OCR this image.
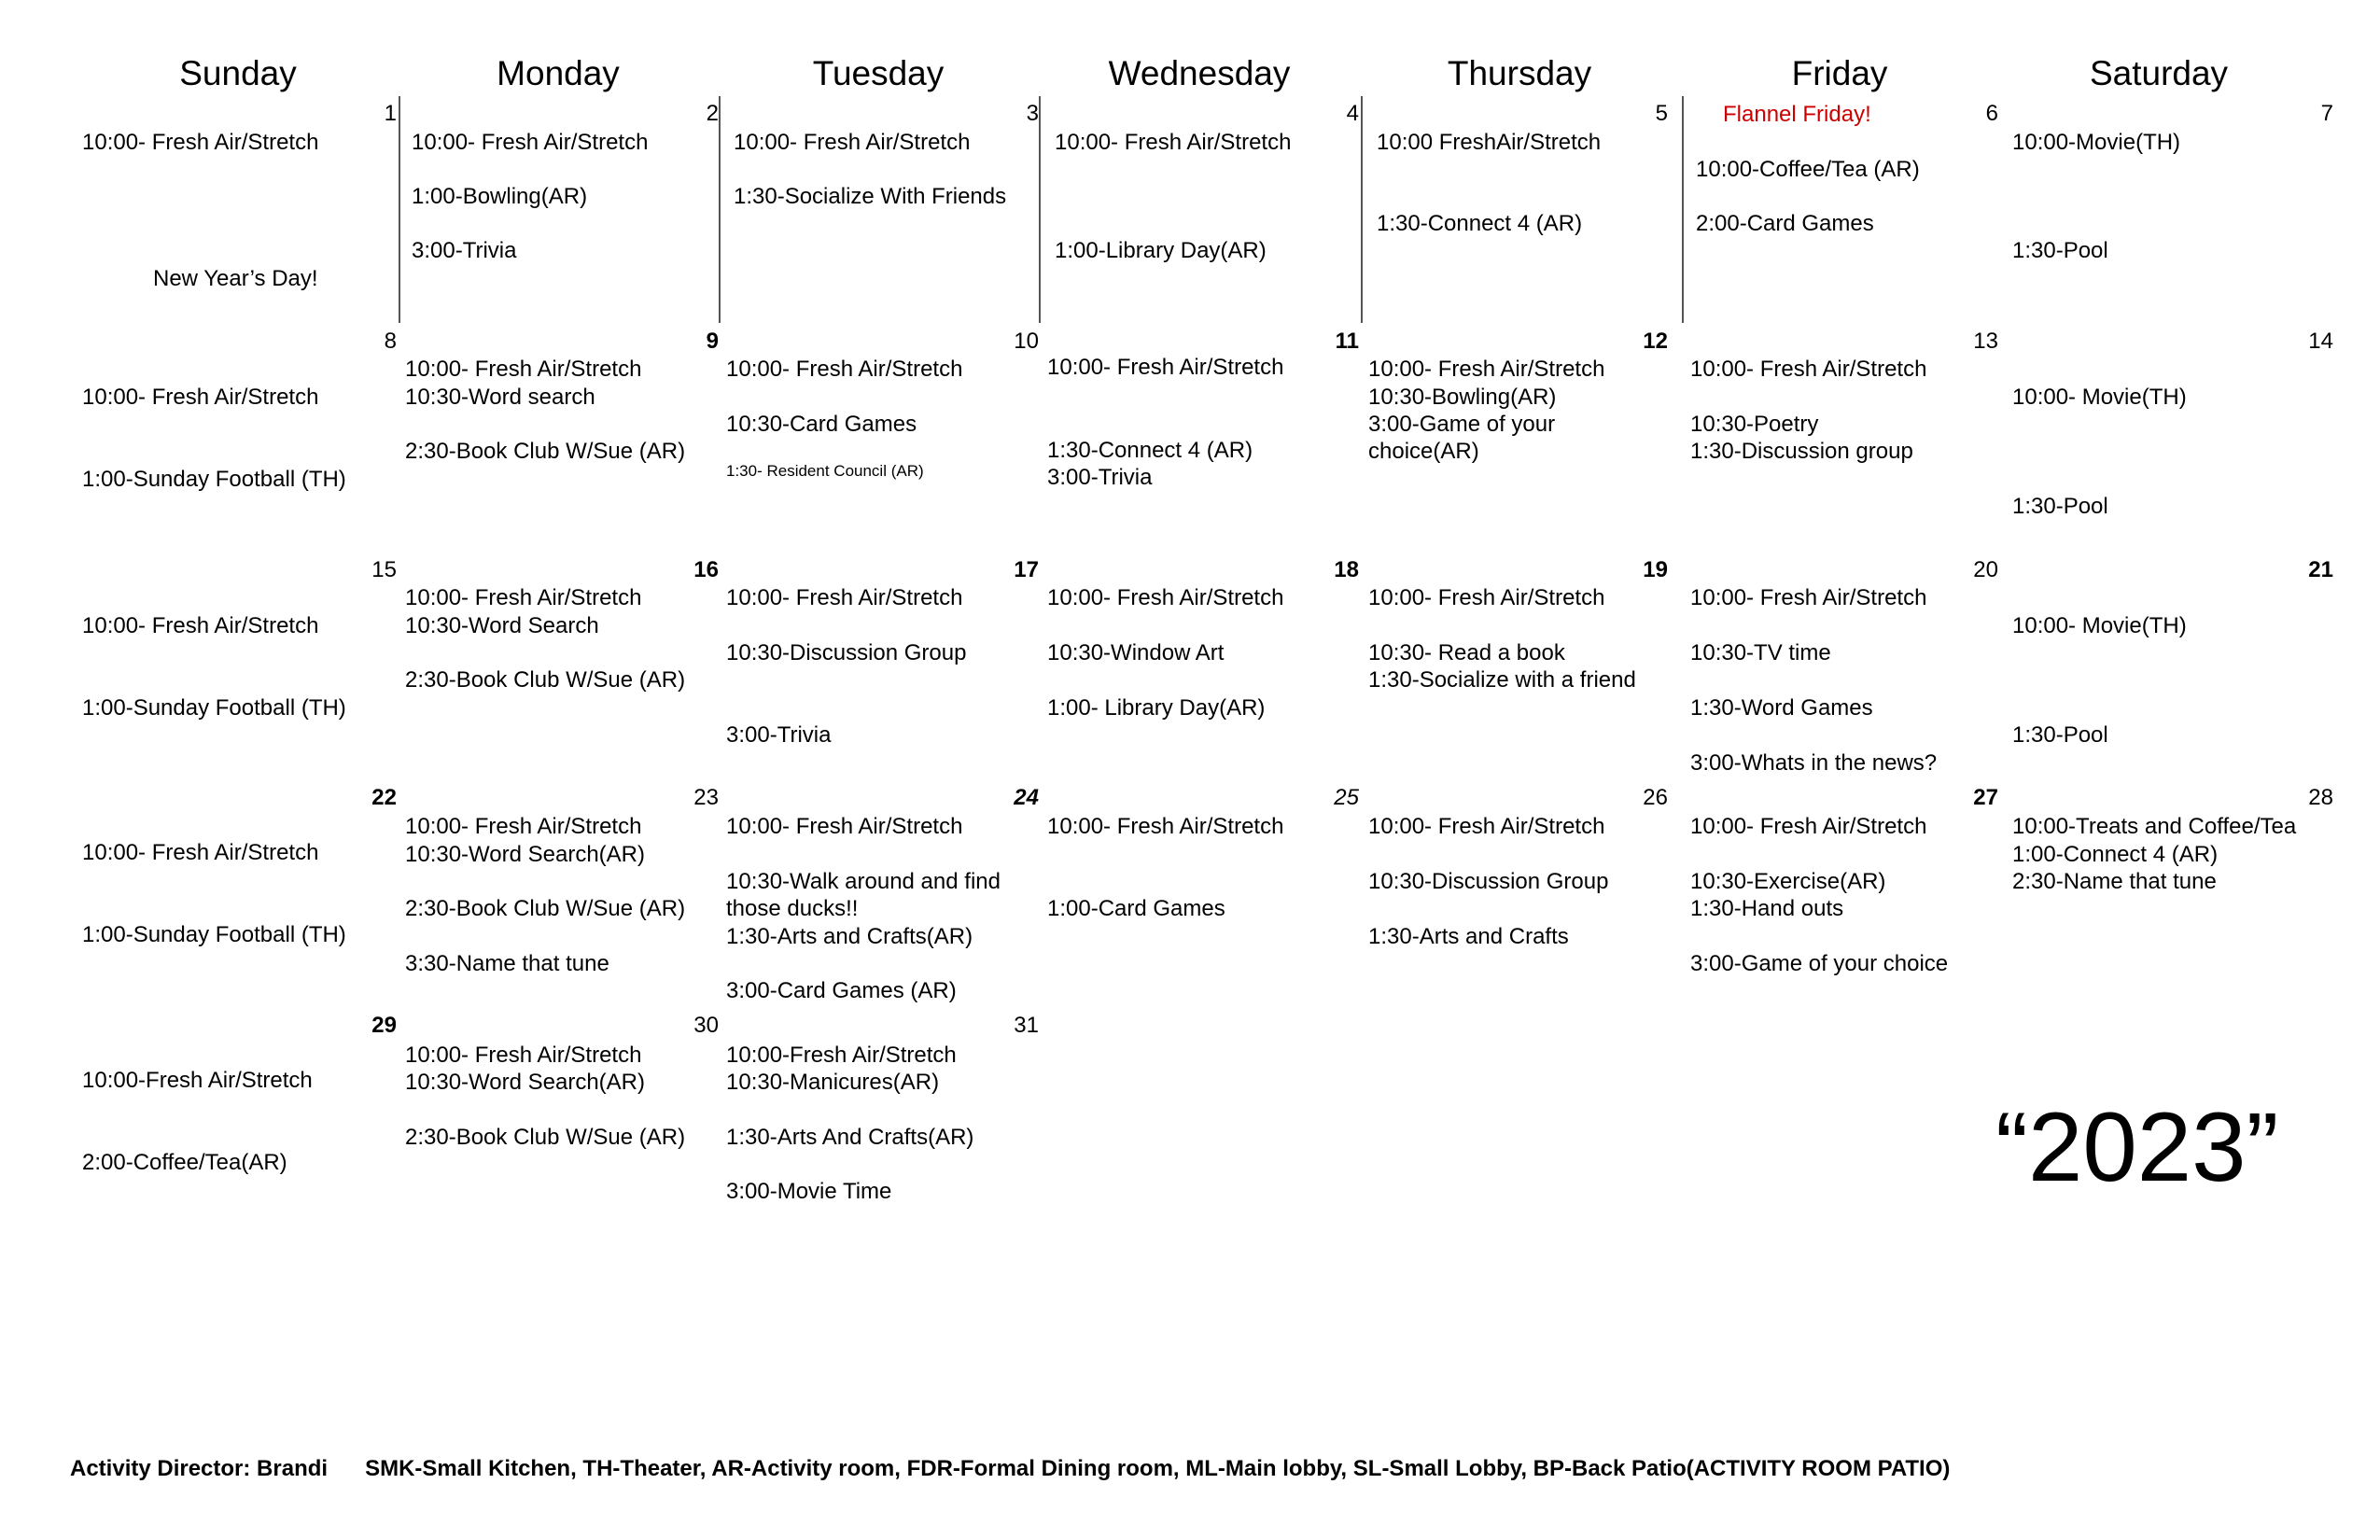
Sunday	Monday	Tuesday	Wednesday	Thursday	Friday	Saturday
1
10:00- Fresh Air/Stretch
New Year’s Day!
2
10:00- Fresh Air/Stretch
1:00-Bowling(AR)
3:00-Trivia
3
10:00- Fresh Air/Stretch
1:30-Socialize With Friends
4
10:00- Fresh Air/Stretch
1:00-Library Day(AR)
5
10:00 FreshAir/Stretch
1:30-Connect 4 (AR)
6
Flannel Friday!
10:00-Coffee/Tea (AR)
2:00-Card Games
7
10:00-Movie(TH)
1:30-Pool
8
10:00- Fresh Air/Stretch
1:00-Sunday Football (TH)
9
10:00- Fresh Air/Stretch
10:30-Word search
2:30-Book Club W/Sue (AR)
10
10:00- Fresh Air/Stretch
10:30-Card Games
1:30- Resident Council (AR)
11
10:00- Fresh Air/Stretch
1:30-Connect 4 (AR)
3:00-Trivia
12
10:00- Fresh Air/Stretch
10:30-Bowling(AR)
3:00-Game of your
choice(AR)
13
10:00- Fresh Air/Stretch
10:30-Poetry
1:30-Discussion group
14
10:00- Movie(TH)
1:30-Pool
15
10:00- Fresh Air/Stretch
1:00-Sunday Football (TH)
16
10:00- Fresh Air/Stretch
10:30-Word Search
2:30-Book Club W/Sue (AR)
17
10:00- Fresh Air/Stretch
10:30-Discussion Group
3:00-Trivia
18
10:00- Fresh Air/Stretch
10:30-Window Art
1:00- Library Day(AR)
19
10:00- Fresh Air/Stretch
10:30- Read a book
1:30-Socialize with a friend
20
10:00- Fresh Air/Stretch
10:30-TV time
1:30-Word Games
3:00-Whats in the news?
21
10:00- Movie(TH)
1:30-Pool
22
10:00- Fresh Air/Stretch
1:00-Sunday Football (TH)
23
10:00- Fresh Air/Stretch
10:30-Word Search(AR)
2:30-Book Club W/Sue (AR)
3:30-Name that tune
24
10:00- Fresh Air/Stretch
10:30-Walk around and find
those ducks!!
1:30-Arts and Crafts(AR)
3:00-Card Games (AR)
25
10:00- Fresh Air/Stretch
1:00-Card Games
26
10:00- Fresh Air/Stretch
10:30-Discussion Group
1:30-Arts and Crafts
27
10:00- Fresh Air/Stretch
10:30-Exercise(AR)
1:30-Hand outs
3:00-Game of your choice
28
10:00-Treats and Coffee/Tea
1:00-Connect 4 (AR)
2:30-Name that tune
29
10:00-Fresh Air/Stretch
2:00-Coffee/Tea(AR)
30
10:00- Fresh Air/Stretch
10:30-Word Search(AR)
2:30-Book Club W/Sue (AR)
31
10:00-Fresh Air/Stretch
10:30-Manicures(AR)
1:30-Arts And Crafts(AR)
3:00-Movie Time	“2023”
Activity Director: Brandi SMK-Small Kitchen, TH-Theater, AR-Activity room, FDR-Formal Dining room, ML-Main lobby, SL-Small Lobby, BP-Back Patio(ACTIVITY ROOM PATIO)
